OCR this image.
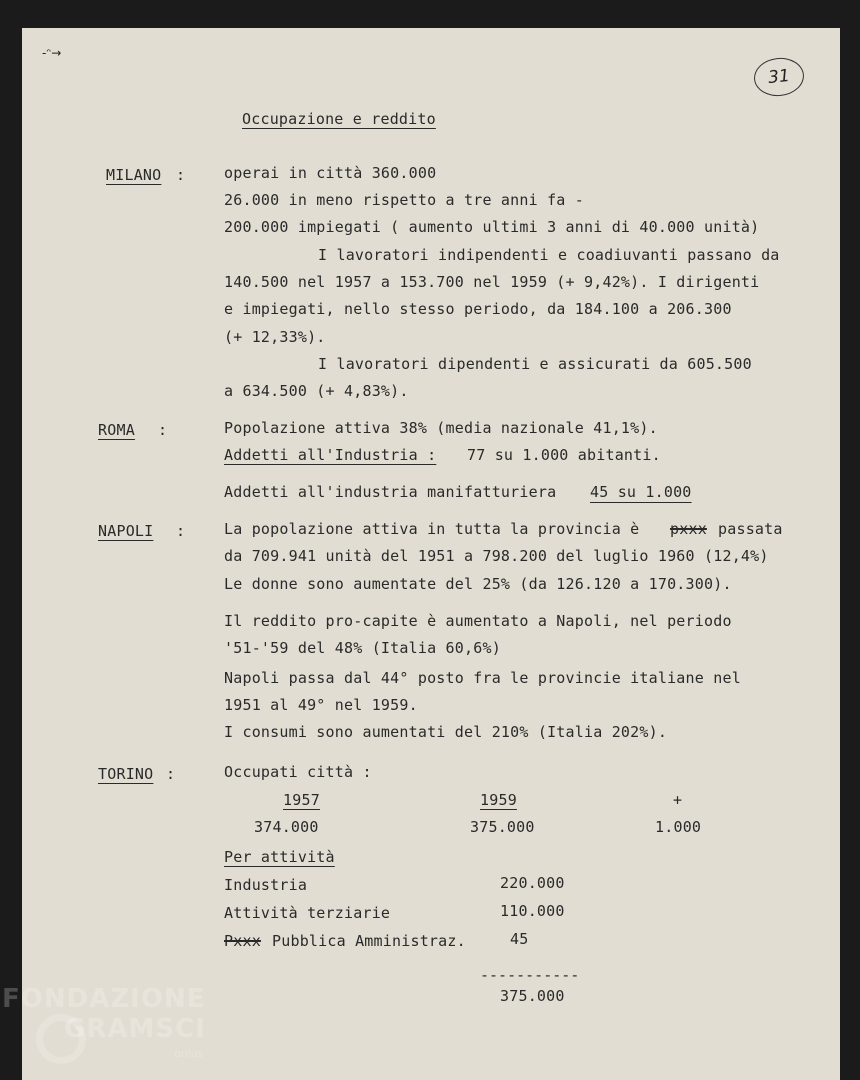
-ᵔ→
31
Occupazione e reddito
MILANO :	operai in città 360.000
26.000 in meno rispetto a tre anni fa -
200.000 impiegati ( aumento ultimi 3 anni di 40.000 unità)
I lavoratori indipendenti e coadiuvanti passano da
140.500 nel 1957 a 153.700 nel 1959 (+ 9,42%). I dirigenti
e impiegati, nello stesso periodo, da 184.100 a 206.300
(+ 12,33%).
I lavoratori dipendenti e assicurati da 605.500
a 634.500 (+ 4,83%).
ROMA :	Popolazione attiva 38% (media nazionale 41,1%).
Addetti all'Industria : 77 su 1.000 abitanti.
Addetti all'industria manifatturiera 45 su 1.000
NAPOLI :	La popolazione attiva in tutta la provincia è pxxx passata
da 709.941 unità del 1951 a 798.200 del luglio 1960 (12,4%)
Le donne sono aumentate del 25% (da 126.120 a 170.300).
Il reddito pro-capite è aumentato a Napoli, nel periodo
'51-'59 del 48% (Italia 60,6%)
Napoli passa dal 44° posto fra le provincie italiane nel
1951 al 49° nel 1959.
I consumi sono aumentati del 210% (Italia 202%).
TORINO :	Occupati città :
1957	1959	+
374.000	375.000	1.000
Per attività
Industria	220.000
Attività terziarie	110.000
Pxxx Pubblica Amministraz.	45
-----------
375.000
FONDAZIONE
GRAMSCI
onlus
